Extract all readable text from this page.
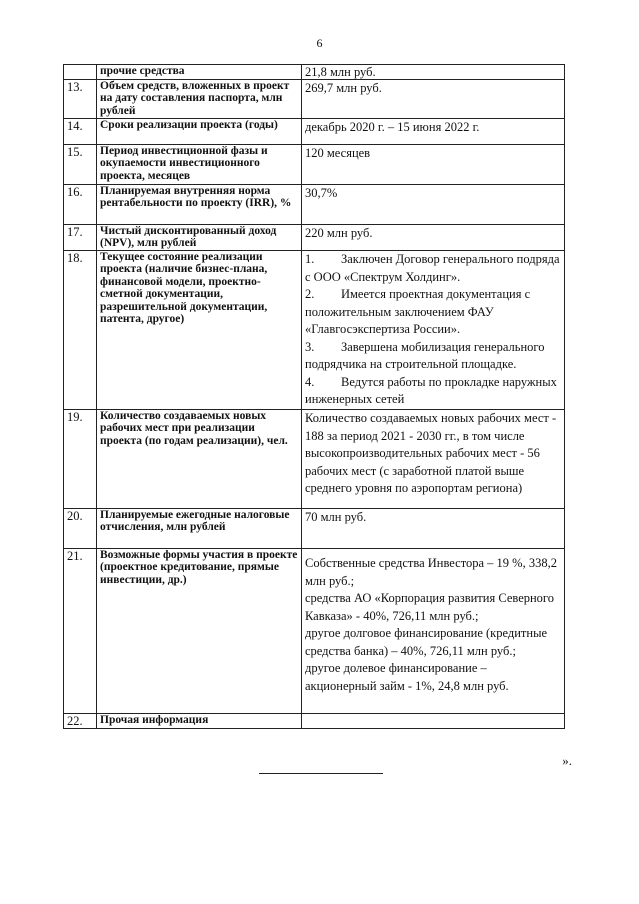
6
	прочие средства	21,8 млн руб.
13.	Объем средств, вложенных в проект на дату составления паспорта, млн рублей	269,7 млн руб.
14.	Сроки реализации проекта (годы)	декабрь 2020 г. – 15 июня 2022 г.
15.	Период инвестиционной фазы и окупаемости инвестиционного проекта, месяцев	120 месяцев
16.	Планируемая внутренняя норма рентабельности по проекту (IRR), %	30,7%
17.	Чистый дисконтированный доход (NPV), млн рублей	220 млн руб.
18.	Текущее состояние реализации проекта (наличие бизнес-плана, финансовой модели, проектно-сметной документации, разрешительной документации, патента, другое)	1. Заключен Договор генерального подряда с ООО «Спектрум Холдинг».

2. Имеется проектная документация с положительным заключением ФАУ «Главгосэкспертиза России».

3. Завершена мобилизация генерального подрядчика на строительной площадке.

4. Ведутся работы по прокладке наружных инженерных сетей

19.	Количество создаваемых новых рабочих мест при реализации проекта (по годам реализации), чел.	Количество создаваемых новых рабочих мест - 188 за период 2021 - 2030 гг., в том числе высокопроизводительных рабочих мест - 56 рабочих мест (с заработной платой выше среднего уровня по аэропортам региона)
20.	Планируемые ежегодные налоговые отчисления, млн рублей	70 млн руб.
21.	Возможные формы участия в проекте (проектное кредитование, прямые инвестиции, др.)	Собственные средства Инвестора – 19 %, 338,2 млн руб.;
средства АО «Корпорация развития Северного Кавказа» - 40%, 726,11 млн руб.;
другое долговое финансирование (кредитные средства банка) – 40%, 726,11 млн руб.;
другое долевое финансирование – акционерный займ - 1%, 24,8 млн руб.

22.	Прочая информация	
».
